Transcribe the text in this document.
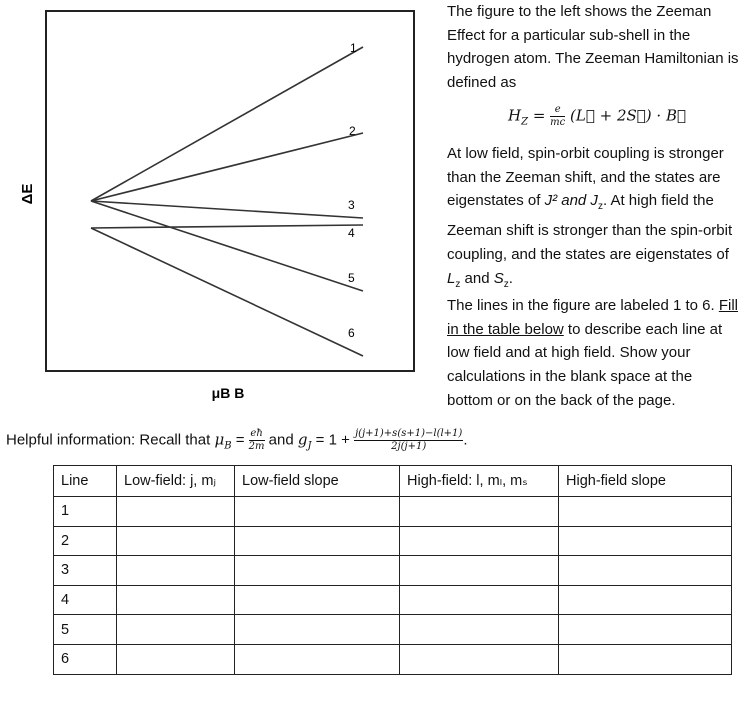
ΔE
μB B
1
2
3
4
5
6
The figure to the left shows the Zeeman Effect for a particular sub-shell in the hydrogen atom. The Zeeman Hamiltonian is defined as
$H_Z = \frac{e}{mc}$ (L⃗ + 2S⃗) · B⃗
At low field, spin-orbit coupling is stronger than the Zeeman shift, and the states are eigenstates of J² and $J_z$. At high field the Zeeman shift is stronger than the spin-orbit coupling, and the states are eigenstates of $L_z$ and $S_z$.
The lines in the figure are labeled 1 to 6. Fill in the table below to describe each line at low field and at high field. Show your calculations in the blank space at the bottom or on the back of the page.
Helpful information: Recall that $\mu_B = \frac{eħ}{2m}$ and $g_J = 1 + \frac{j(j+1)+s(s+1)-l(l+1)}{2j(j+1)}$ .
Line	Low-field: j, mⱼ	Low-field slope	High-field: l, mₗ, mₛ	High-field slope
1				
2				
3				
4				
5				
6				
